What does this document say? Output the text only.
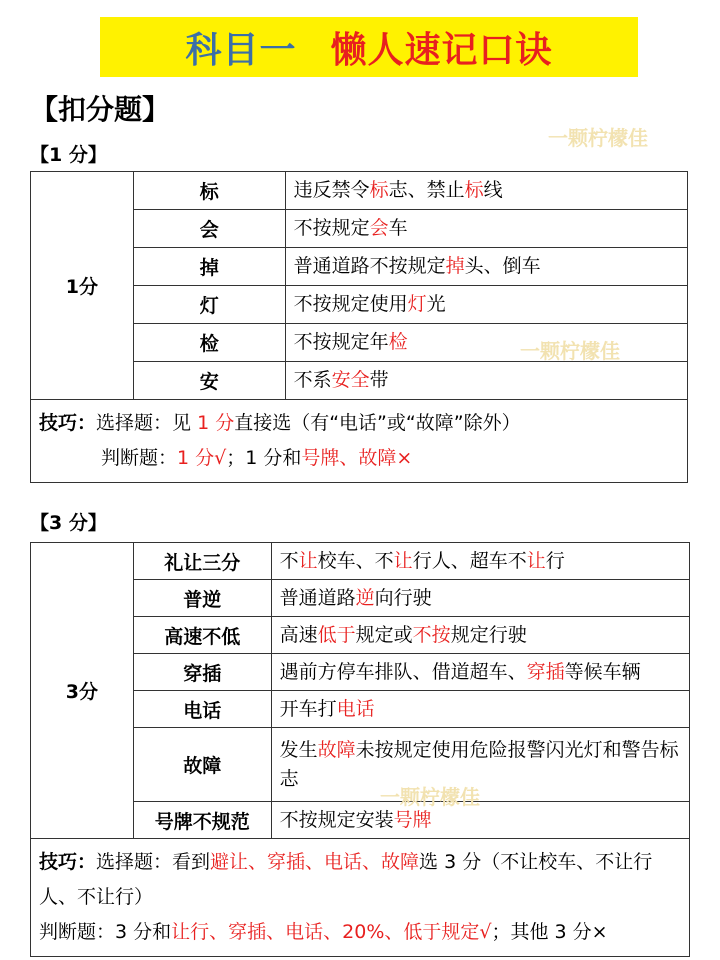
科目一 懒人速记口诀
【扣分题】
【1 分】
一颗柠檬佳
1分	标	违反禁令标志、禁止标线
	会	不按规定会车
	掉	普通道路不按规定掉头、倒车
	灯	不按规定使用灯光
	检	不按规定年检
	安	不系安全带

技巧：选择题：见 1 分直接选（有“电话”或“故障”除外）
判断题：1 分√；1 分和号牌、故障×		
一颗柠檬佳
【3 分】
3分	礼让三分	不让校车、不让行人、超车不让行
	普逆	普通道路逆向行驶
	高速不低	高速低于规定或不按规定行驶
	穿插	遇前方停车排队、借道超车、穿插等候车辆
	电话	开车打电话
	故障	发生故障未按规定使用危险报警闪光灯和警告标志
	号牌不规范	不按规定安装号牌

技巧：选择题：看到避让、穿插、电话、故障选 3 分（不让校车、不让行人、不让行）
判断题：3 分和让行、穿插、电话、20%、低于规定√；其他 3 分×		
一颗柠檬佳
